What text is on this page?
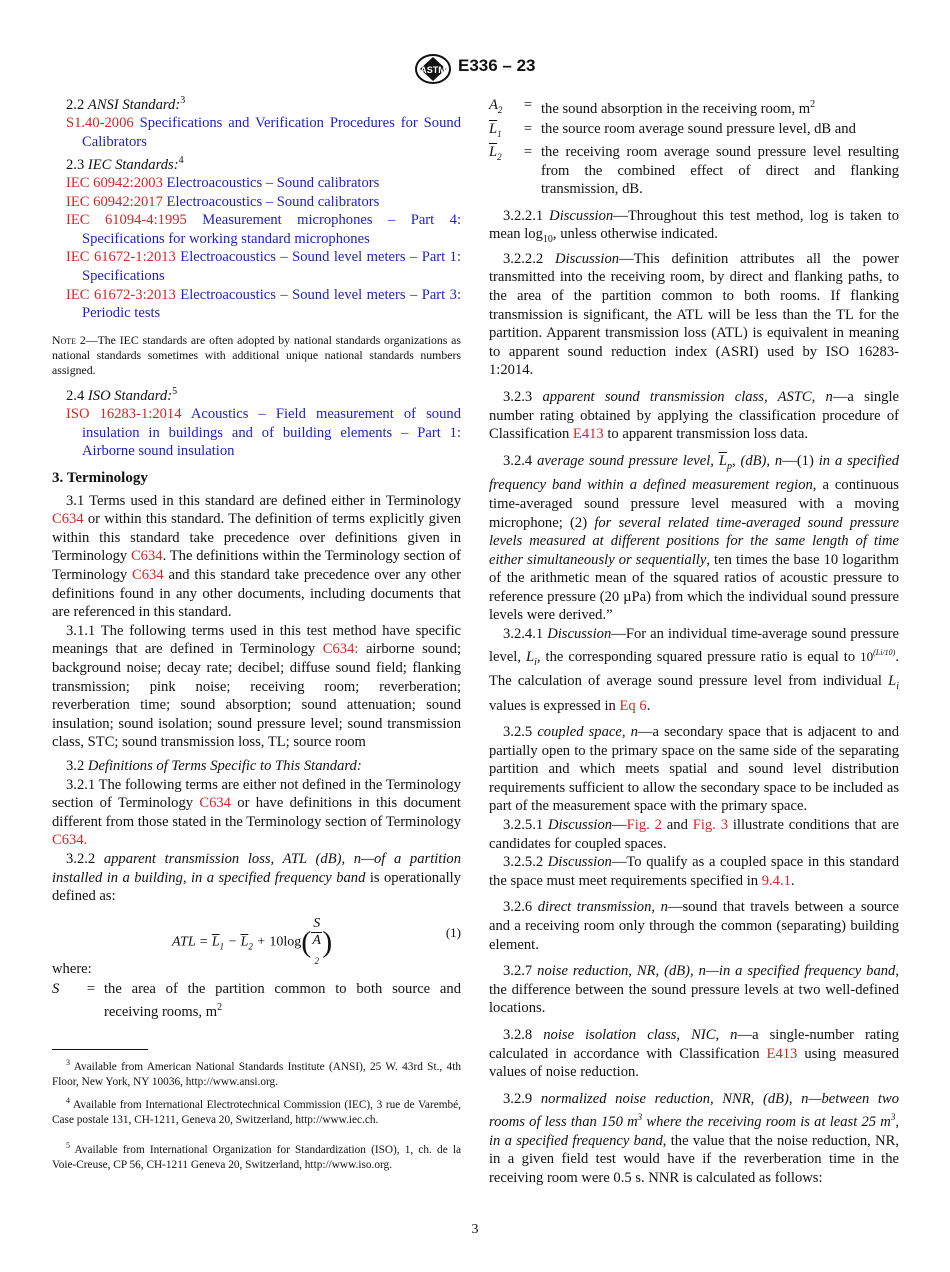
ASTM E336 – 23

2.2 ANSI Standard:$^3$

S1.40-2006 Specifications and Verification Procedures for Sound Calibrators

2.3 IEC Standards:$^4$

IEC 60942:2003 Electroacoustics – Sound calibrators

IEC 60942:2017 Electroacoustics – Sound calibrators

IEC 61094-4:1995 Measurement microphones – Part 4: Specifications for working standard microphones

IEC 61672-1:2013 Electroacoustics – Sound level meters – Part 1: Specifications

IEC 61672-3:2013 Electroacoustics – Sound level meters – Part 3: Periodic tests

Note 2—The IEC standards are often adopted by national standards organizations as national standards sometimes with additional unique national standards numbers assigned.

2.4 ISO Standard:$^5$

ISO 16283-1:2014 Acoustics – Field measurement of sound insulation in buildings and of building elements – Part 1: Airborne sound insulation

3. Terminology

3.1 Terms used in this standard are defined either in Terminology C634 or within this standard. The definition of terms explicitly given within this standard take precedence over definitions given in Terminology C634. The definitions within the Terminology section of Terminology C634 and this standard take precedence over any other definitions found in any other documents, including documents that are referenced in this standard.

3.1.1 The following terms used in this test method have specific meanings that are defined in Terminology C634: airborne sound; background noise; decay rate; decibel; diffuse sound field; flanking transmission; pink noise; receiving room; reverberation; reverberation time; sound absorption; sound attenuation; sound insulation; sound isolation; sound pressure level; sound transmission class, STC; sound transmission loss, TL; source room

3.2 Definitions of Terms Specific to This Standard:

3.2.1 The following terms are either not defined in the Terminology section of Terminology C634 or have definitions in this document different from those stated in the Terminology section of Terminology C634.

3.2.2 apparent transmission loss, ATL (dB), n—of a partition installed in a building, in a specified frequency band is operationally defined as:

ATL = $\overline{L}_1 - \overline{L}_2 + 10\log$( S
A
$_2$ )	(1)

where:

S	= the area of the partition common to both source and receiving rooms, $m^2$

$^3$ Available from American National Standards Institute (ANSI), 25 W. 43rd St., 4th Floor, New York, NY 10036, http://www.ansi.org.

$^4$ Available from International Electrotechnical Commission (IEC), 3 rue de Varembé, Case postale 131, CH-1211, Geneva 20, Switzerland, http://www.iec.ch.

$^5$ Available from International Organization for Standardization (ISO), 1, ch. de la Voie-Creuse, CP 56, CH-1211 Geneva 20, Switzerland, http://www.iso.org.

$A_2$	= the sound absorption in the receiving room, $m^2$
$\overline{L}_1$	= the source room average sound pressure level, dB and
$\overline{L}_2$	= the receiving room average sound pressure level resulting from the combined effect of direct and flanking transmission, dB.

3.2.2.1 Discussion—Throughout this test method, log is taken to mean $\log_{10}$, unless otherwise indicated.

3.2.2.2 Discussion—This definition attributes all the power transmitted into the receiving room, by direct and flanking paths, to the area of the partition common to both rooms. If flanking transmission is significant, the ATL will be less than the TL for the partition. Apparent transmission loss (ATL) is equivalent in meaning to apparent sound reduction index (ASRI) used by ISO 16283-1:2014.

3.2.3 apparent sound transmission class, ASTC, n—a single number rating obtained by applying the classification procedure of Classification E413 to apparent transmission loss data.

3.2.4 average sound pressure level, $\overline{L}_p$, (dB), n—(1) in a specified frequency band within a defined measurement region, a continuous time-averaged sound pressure level measured with a moving microphone; (2) for several related time-averaged sound pressure levels measured at different positions for the same length of time either simultaneously or sequentially, ten times the base 10 logarithm of the arithmetic mean of the squared ratios of acoustic pressure to reference pressure (20 µPa) from which the individual sound pressure levels were derived.”

3.2.4.1 Discussion—For an individual time-average sound pressure level, $L_i$, the corresponding squared pressure ratio is equal to $10^{(Li/10)}$. The calculation of average sound pressure level from individual $L_i$ values is expressed in Eq 6.

3.2.5 coupled space, n—a secondary space that is adjacent to and partially open to the primary space on the same side of the separating partition and which meets spatial and sound level distribution requirements sufficient to allow the secondary space to be included as part of the measurement space with the primary space.

3.2.5.1 Discussion—Fig. 2 and Fig. 3 illustrate conditions that are candidates for coupled spaces.

3.2.5.2 Discussion—To qualify as a coupled space in this standard the space must meet requirements specified in 9.4.1.

3.2.6 direct transmission, n—sound that travels between a source and a receiving room only through the common (separating) building element.

3.2.7 noise reduction, NR, (dB), n—in a specified frequency band, the difference between the sound pressure levels at two well-defined locations.

3.2.8 noise isolation class, NIC, n—a single-number rating calculated in accordance with Classification E413 using measured values of noise reduction.

3.2.9 normalized noise reduction, NNR, (dB), n—between two rooms of less than 150 $m^3$ where the receiving room is at least 25 $m^3$, in a specified frequency band, the value that the noise reduction, NR, in a given field test would have if the reverberation time in the receiving room were 0.5 s. NNR is calculated as follows:

3
